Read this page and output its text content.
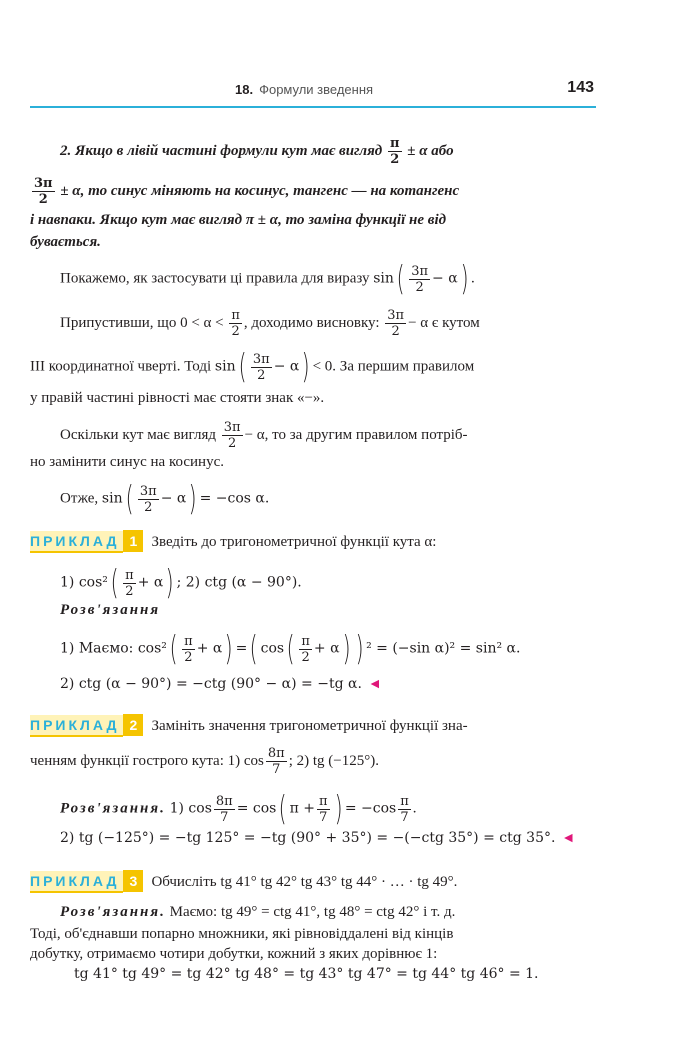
18. Формули зведення	143
2. Якщо в лівій частині формули кут має вигляд $\frac{\pi}{2} \pm \alpha$ або
$\frac{3\pi}{2} \pm \alpha$, то синус міняють на косинус, тангенс — на котангенс
і навпаки. Якщо кут має вигляд π ± α, то заміна функції не від
бувається.
Покажемо, як застосувати ці правила для виразу $\sin( \frac{3\pi}{2} - \alpha)$ .
Припустивши, що $0 < \alpha < \frac{\pi}{2}$ , доходимо висновку: $\frac{3\pi}{2} - \alpha$ є кутом
III координатної чверті. Тоді $\sin( \frac{3\pi}{2} - \alpha) < 0$. За першим правилом
у правій частині рівності має стояти знак «−».
Оскільки кут має вигляд $\frac{3\pi}{2} - \alpha$, то за другим правилом потріб-
но замінити синус на косинус.
Отже, $\sin( \frac{3\pi}{2} - \alpha) = -\cos$ α.
ПРИКЛАД 1 Зведіть до тригонометричної функції кута α:
1) $\cos^2( \frac{\pi}{2} + \alpha)$ ; 2) ctg (α − 90°).
Розв'язання
1) Маємо: $\cos^2( \frac{\pi}{2} + \alpha)$ =( $\cos( \frac{\pi}{2} + \alpha)$ ) ² = (−sin α)² = sin² α.
2) ctg (α − 90°) = −ctg (90° − α) = −tg α. ◄
ПРИКЛАД 2 Замініть значення тригонометричної функції зна-
ченням функції гострого кута: 1) $\cos \frac{8\pi}{7}$ ; 2) tg (−125°).
Розв'язання. 1) $\cos \frac{8\pi}{7} = \cos$( $\pi + \frac{\pi}{7}$ ) = $-\cos \frac{\pi}{7}$ .
2) tg (−125°) = −tg 125° = −tg (90° + 35°) = −(−ctg 35°) = ctg 35°. ◄
ПРИКЛАД 3 Обчисліть tg 41° tg 42° tg 43° tg 44° · … · tg 49°.
Розв'язання. Маємо: tg 49° = ctg 41°, tg 48° = ctg 42° і т. д.
Тоді, об'єднавши попарно множники, які рівновіддалені від кінців
добутку, отримаємо чотири добутки, кожний з яких дорівнює 1:
tg 41° tg 49° = tg 42° tg 48° = tg 43° tg 47° = tg 44° tg 46° = 1.
